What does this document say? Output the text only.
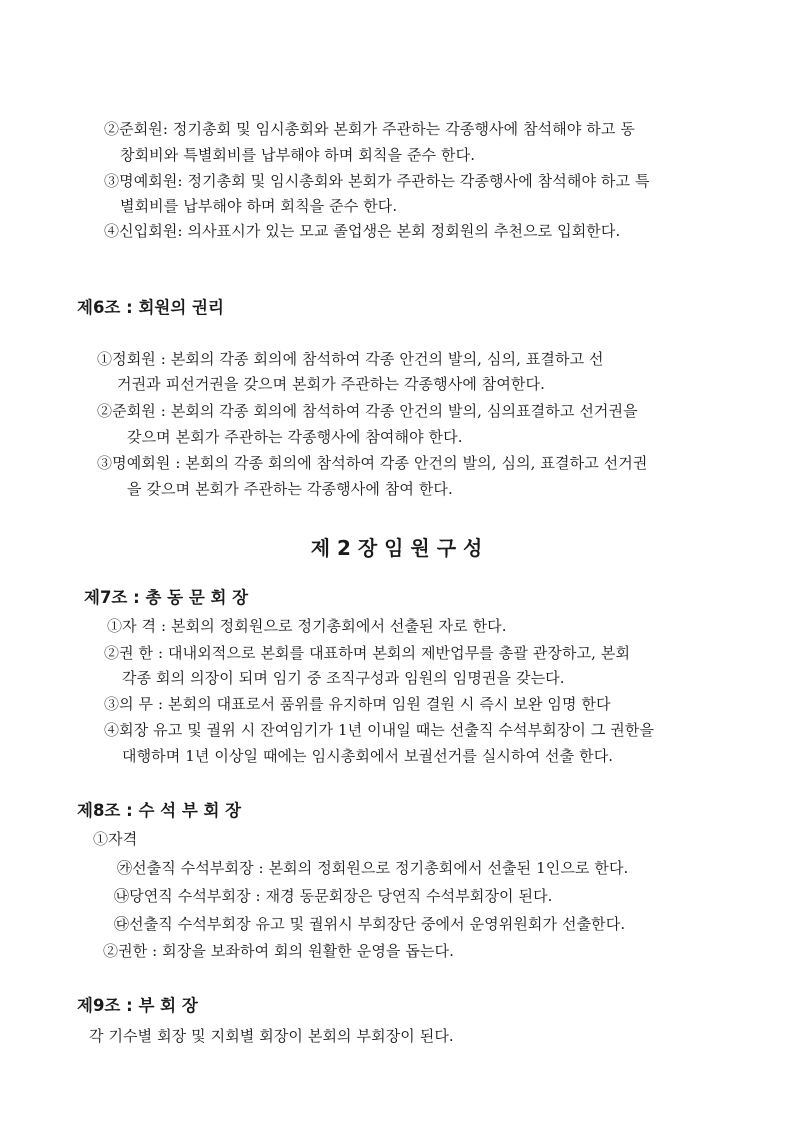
②준회원: 정기총회 및 임시총회와 본회가 주관하는 각종행사에 참석해야 하고 동
창회비와 특별회비를 납부해야 하며 회칙을 준수 한다.
③명예회원: 정기총회 및 임시총회와 본회가 주관하는 각종행사에 참석해야 하고 특
별회비를 납부해야 하며 회칙을 준수 한다.
④신입회원: 의사표시가 있는 모교 졸업생은 본회 정회원의 추천으로 입회한다.
제6조 : 회원의 권리
①정회원 : 본회의 각종 회의에 참석하여 각종 안건의 발의, 심의, 표결하고 선
거권과 피선거권을 갖으며 본회가 주관하는 각종행사에 참여한다.
②준회원 : 본회의 각종 회의에 참석하여 각종 안건의 발의, 심의표결하고 선거권을
갖으며 본회가 주관하는 각종행사에 참여해야 한다.
③명예회원 : 본회의 각종 회의에 참석하여 각종 안건의 발의, 심의, 표결하고 선거권
을 갖으며 본회가 주관하는 각종행사에 참여 한다.
제 2 장 임 원 구 성
제7조 : 총 동 문 회 장
①자 격 : 본회의 정회원으로 정기총회에서 선출된 자로 한다.
②권 한 : 대내외적으로 본회를 대표하며 본회의 제반업무를 총괄 관장하고, 본회
각종 회의 의장이 되며 임기 중 조직구성과 임원의 임명권을 갖는다.
③의 무 : 본회의 대표로서 품위를 유지하며 임원 결원 시 즉시 보완 임명 한다
④회장 유고 및 궐위 시 잔여임기가 1년 이내일 때는 선출직 수석부회장이 그 권한을
대행하며 1년 이상일 때에는 임시총회에서 보궐선거를 실시하여 선출 한다.
제8조 : 수 석 부 회 장
①자격
㉮선출직 수석부회장 : 본회의 정회원으로 정기총회에서 선출된 1인으로 한다.
㉯당연직 수석부회장 : 재경 동문회장은 당연직 수석부회장이 된다.
㉰선출직 수석부회장 유고 및 궐위시 부회장단 중에서 운영위원회가 선출한다.
②권한 : 회장을 보좌하여 회의 원활한 운영을 돕는다.
제9조 : 부 회 장
각 기수별 회장 및 지회별 회장이 본회의 부회장이 된다.
